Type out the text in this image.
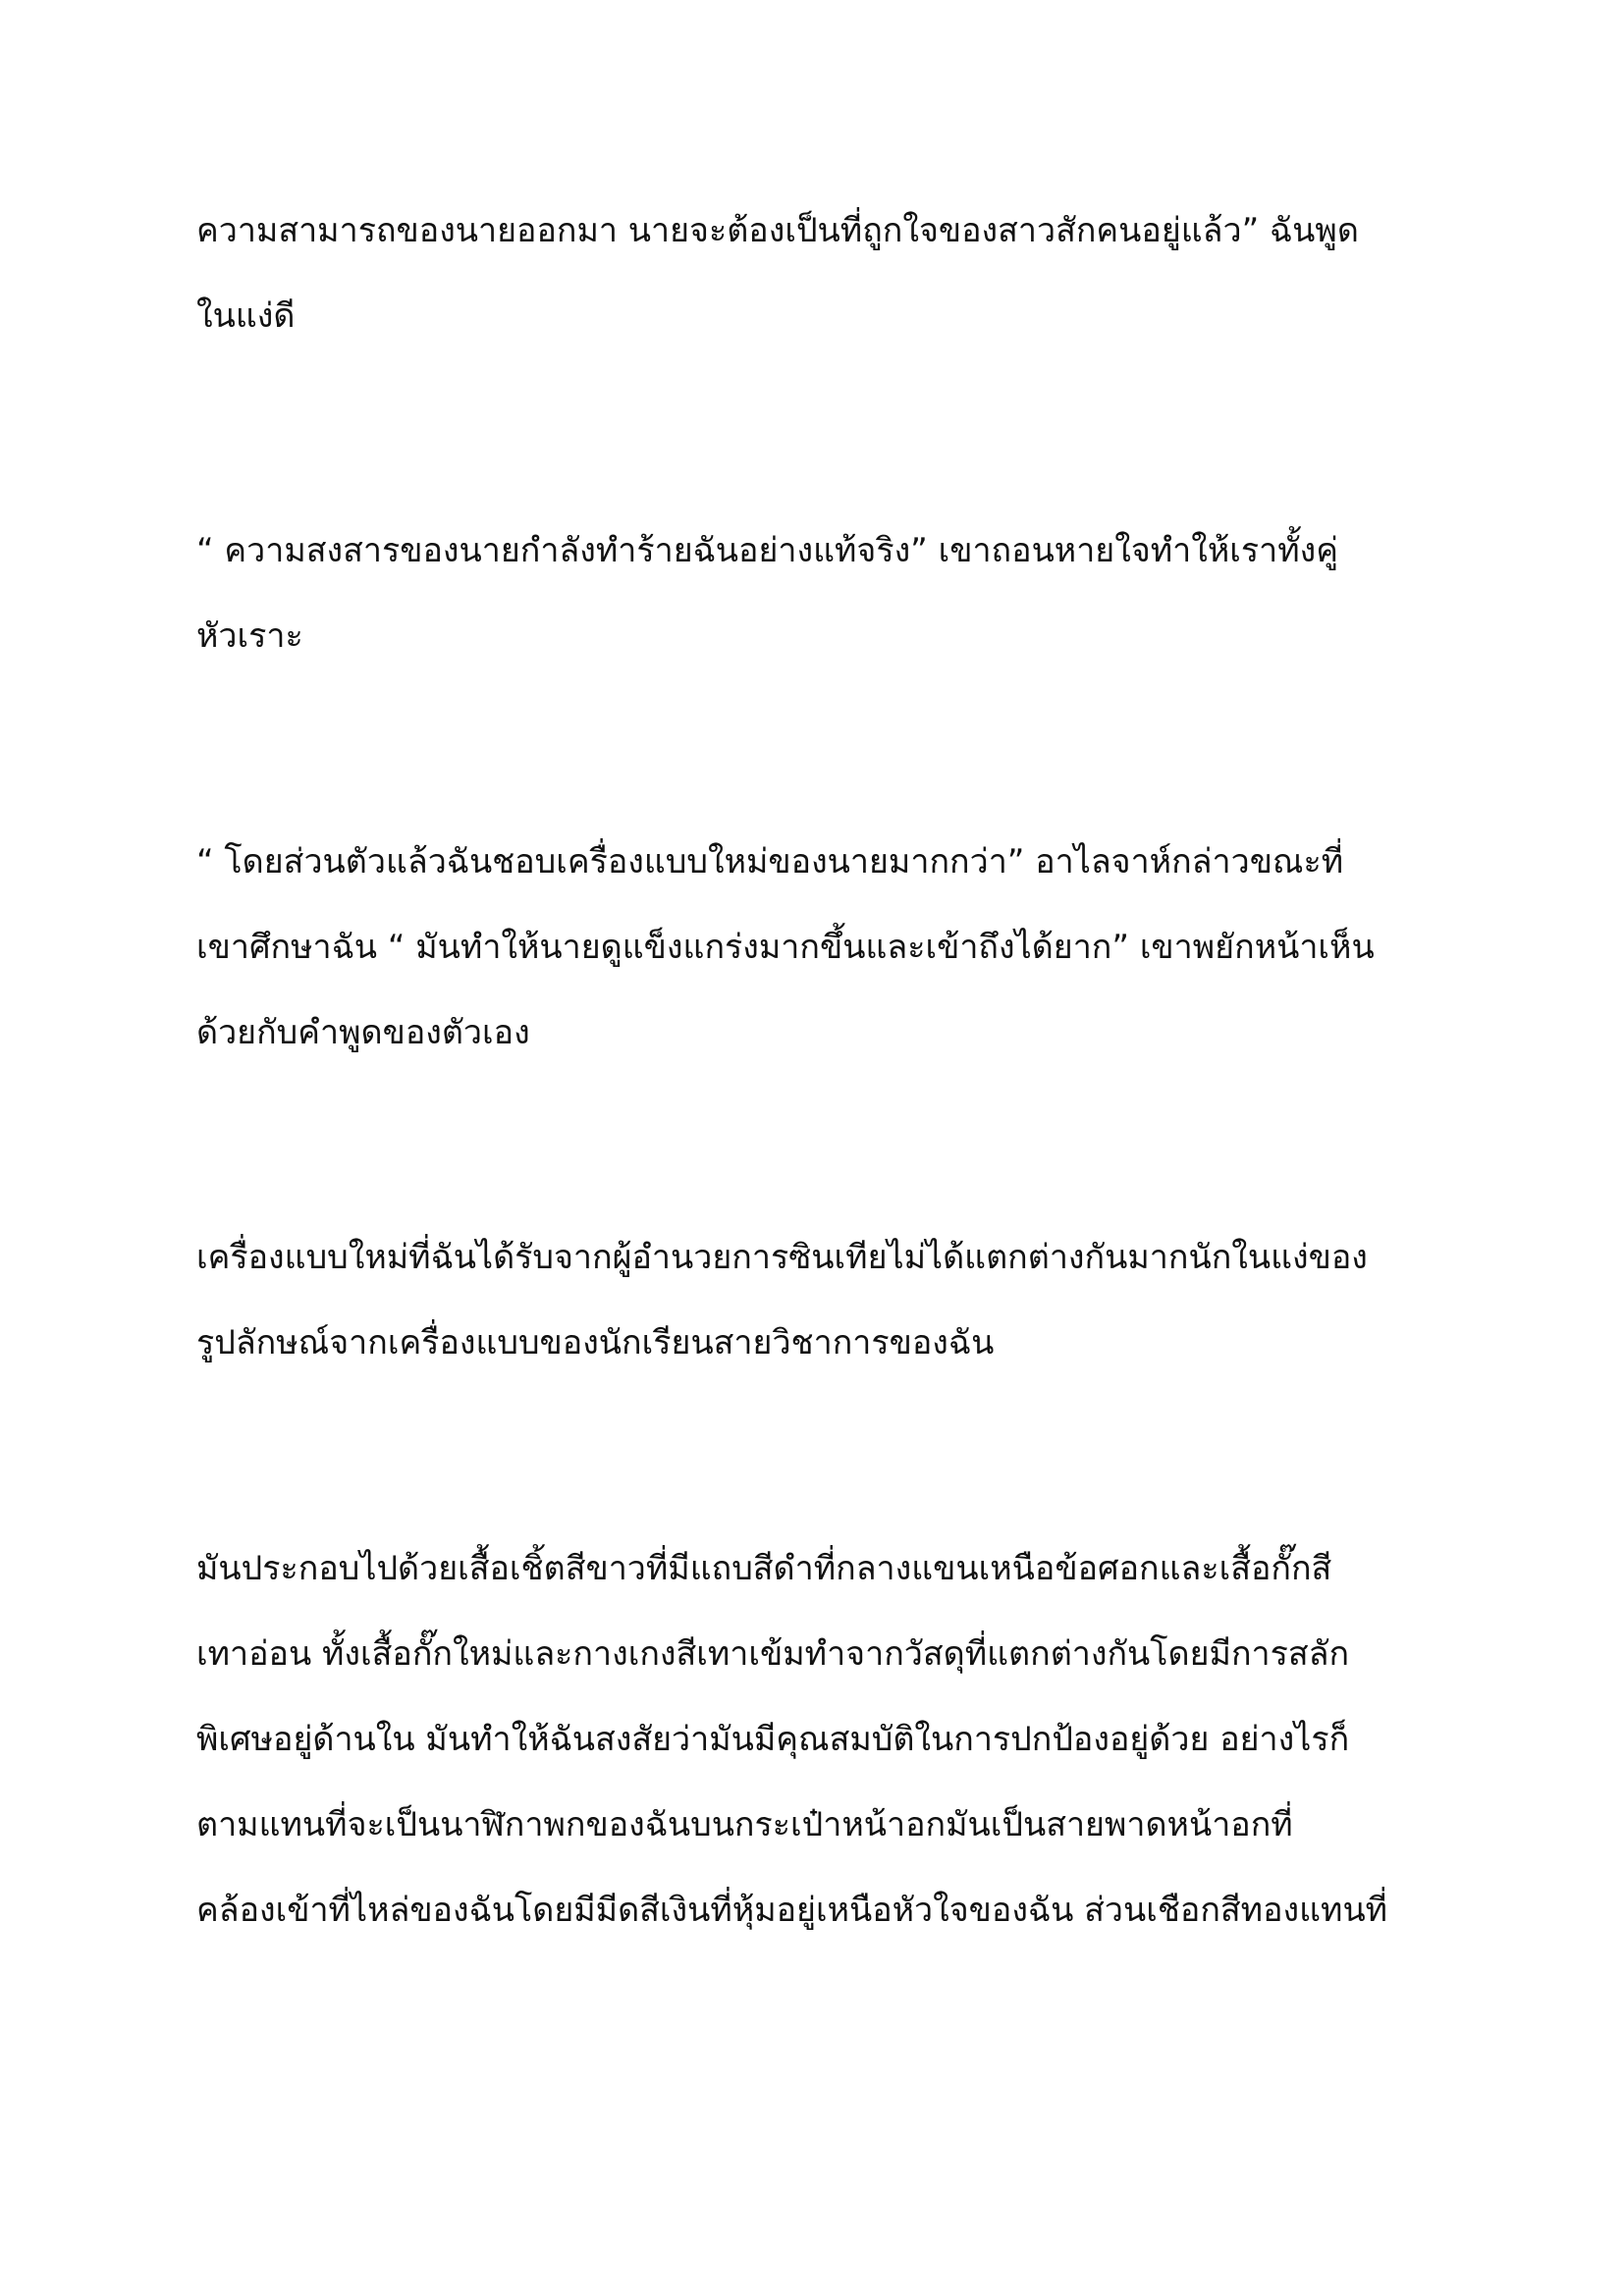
ความสามารถของนายออกมา นายจะต้องเป็นที่ถูกใจของสาวสักคนอยู่แล้ว” ฉันพูด
ในแง่ดี
“ ความสงสารของนายกำลังทำร้ายฉันอย่างแท้จริง” เขาถอนหายใจทำให้เราทั้งคู่
หัวเราะ
“ โดยส่วนตัวแล้วฉันชอบเครื่องแบบใหม่ของนายมากกว่า” อาไลจาห์กล่าวขณะที่
เขาศึกษาฉัน “ มันทำให้นายดูแข็งแกร่งมากขึ้นและเข้าถึงได้ยาก” เขาพยักหน้าเห็น
ด้วยกับคำพูดของตัวเอง
เครื่องแบบใหม่ที่ฉันได้รับจากผู้อำนวยการซินเทียไม่ได้แตกต่างกันมากนักในแง่ของ
รูปลักษณ์จากเครื่องแบบของนักเรียนสายวิชาการของฉัน
มันประกอบไปด้วยเสื้อเชิ้ตสีขาวที่มีแถบสีดำที่กลางแขนเหนือข้อศอกและเสื้อกั๊กสี
เทาอ่อน ทั้งเสื้อกั๊กใหม่และกางเกงสีเทาเข้มทำจากวัสดุที่แตกต่างกันโดยมีการสลัก
พิเศษอยู่ด้านใน มันทำให้ฉันสงสัยว่ามันมีคุณสมบัติในการปกป้องอยู่ด้วย อย่างไรก็
ตามแทนที่จะเป็นนาฬิกาพกของฉันบนกระเป๋าหน้าอกมันเป็นสายพาดหน้าอกที่
คล้องเข้าที่ไหล่ของฉันโดยมีมีดสีเงินที่หุ้มอยู่เหนือหัวใจของฉัน ส่วนเชือกสีทองแทนที่
